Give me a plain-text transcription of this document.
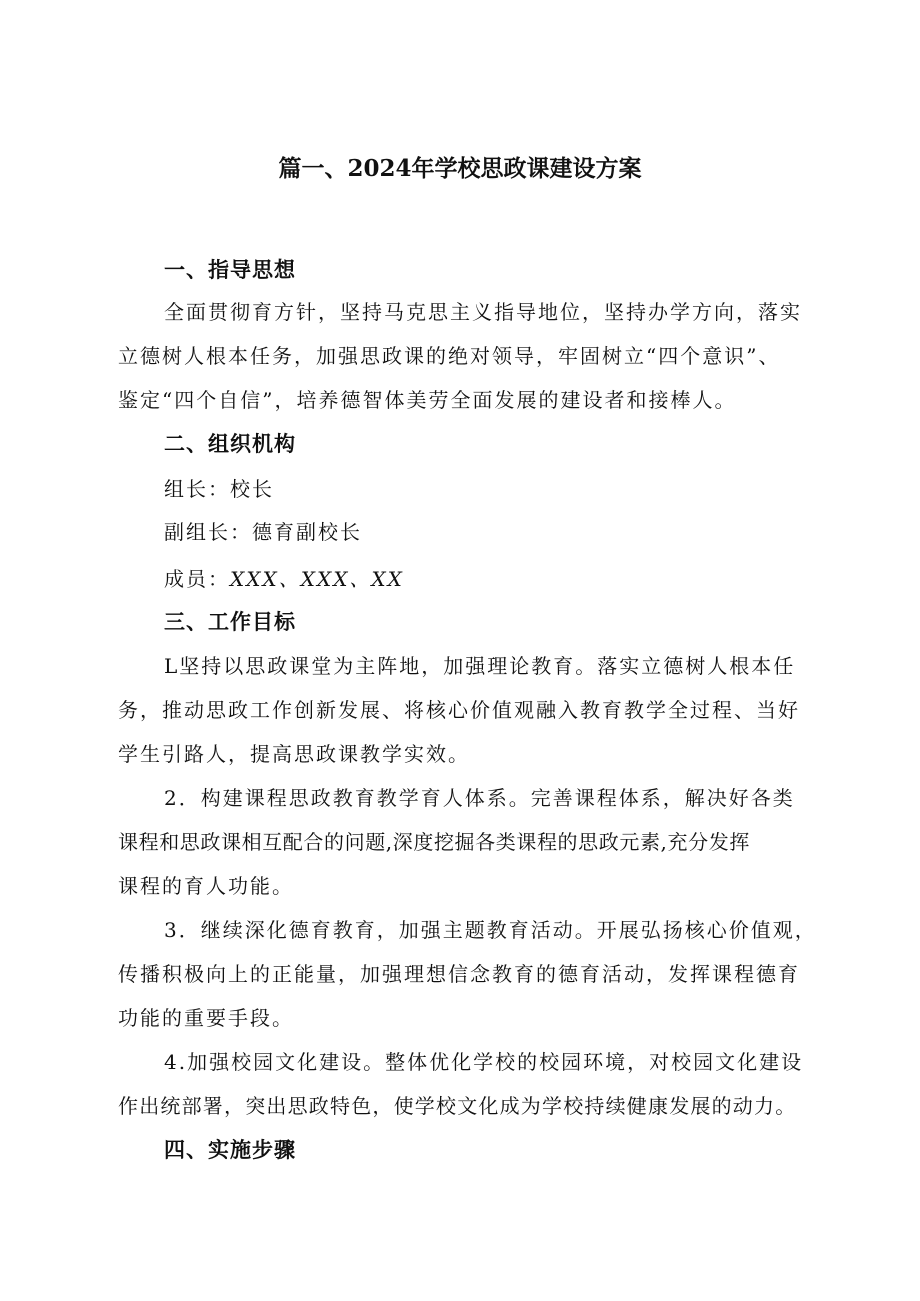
篇一、2024年学校思政课建设方案
一、指导思想
全面贯彻育方针，坚持马克思主义指导地位，坚持办学方向，落实
立德树人根本任务，加强思政课的绝对领导，牢固树立“四个意识”、
鉴定“四个自信”，培养德智体美劳全面发展的建设者和接棒人。
二、组织机构
组长：校长
副组长：德育副校长
成员：XXX、XXX、XX
三、工作目标
L坚持以思政课堂为主阵地，加强理论教育。落实立德树人根本任
务，推动思政工作创新发展、将核心价值观融入教育教学全过程、当好
学生引路人，提高思政课教学实效。
2．构建课程思政教育教学育人体系。完善课程体系，解决好各类
课程和思政课相互配合的问题,深度挖掘各类课程的思政元素,充分发挥
课程的育人功能。
3．继续深化德育教育，加强主题教育活动。开展弘扬核心价值观，
传播积极向上的正能量，加强理想信念教育的德育活动，发挥课程德育
功能的重要手段。
4.加强校园文化建设。整体优化学校的校园环境，对校园文化建设
作出统部署，突出思政特色，使学校文化成为学校持续健康发展的动力。
四、实施步骤
